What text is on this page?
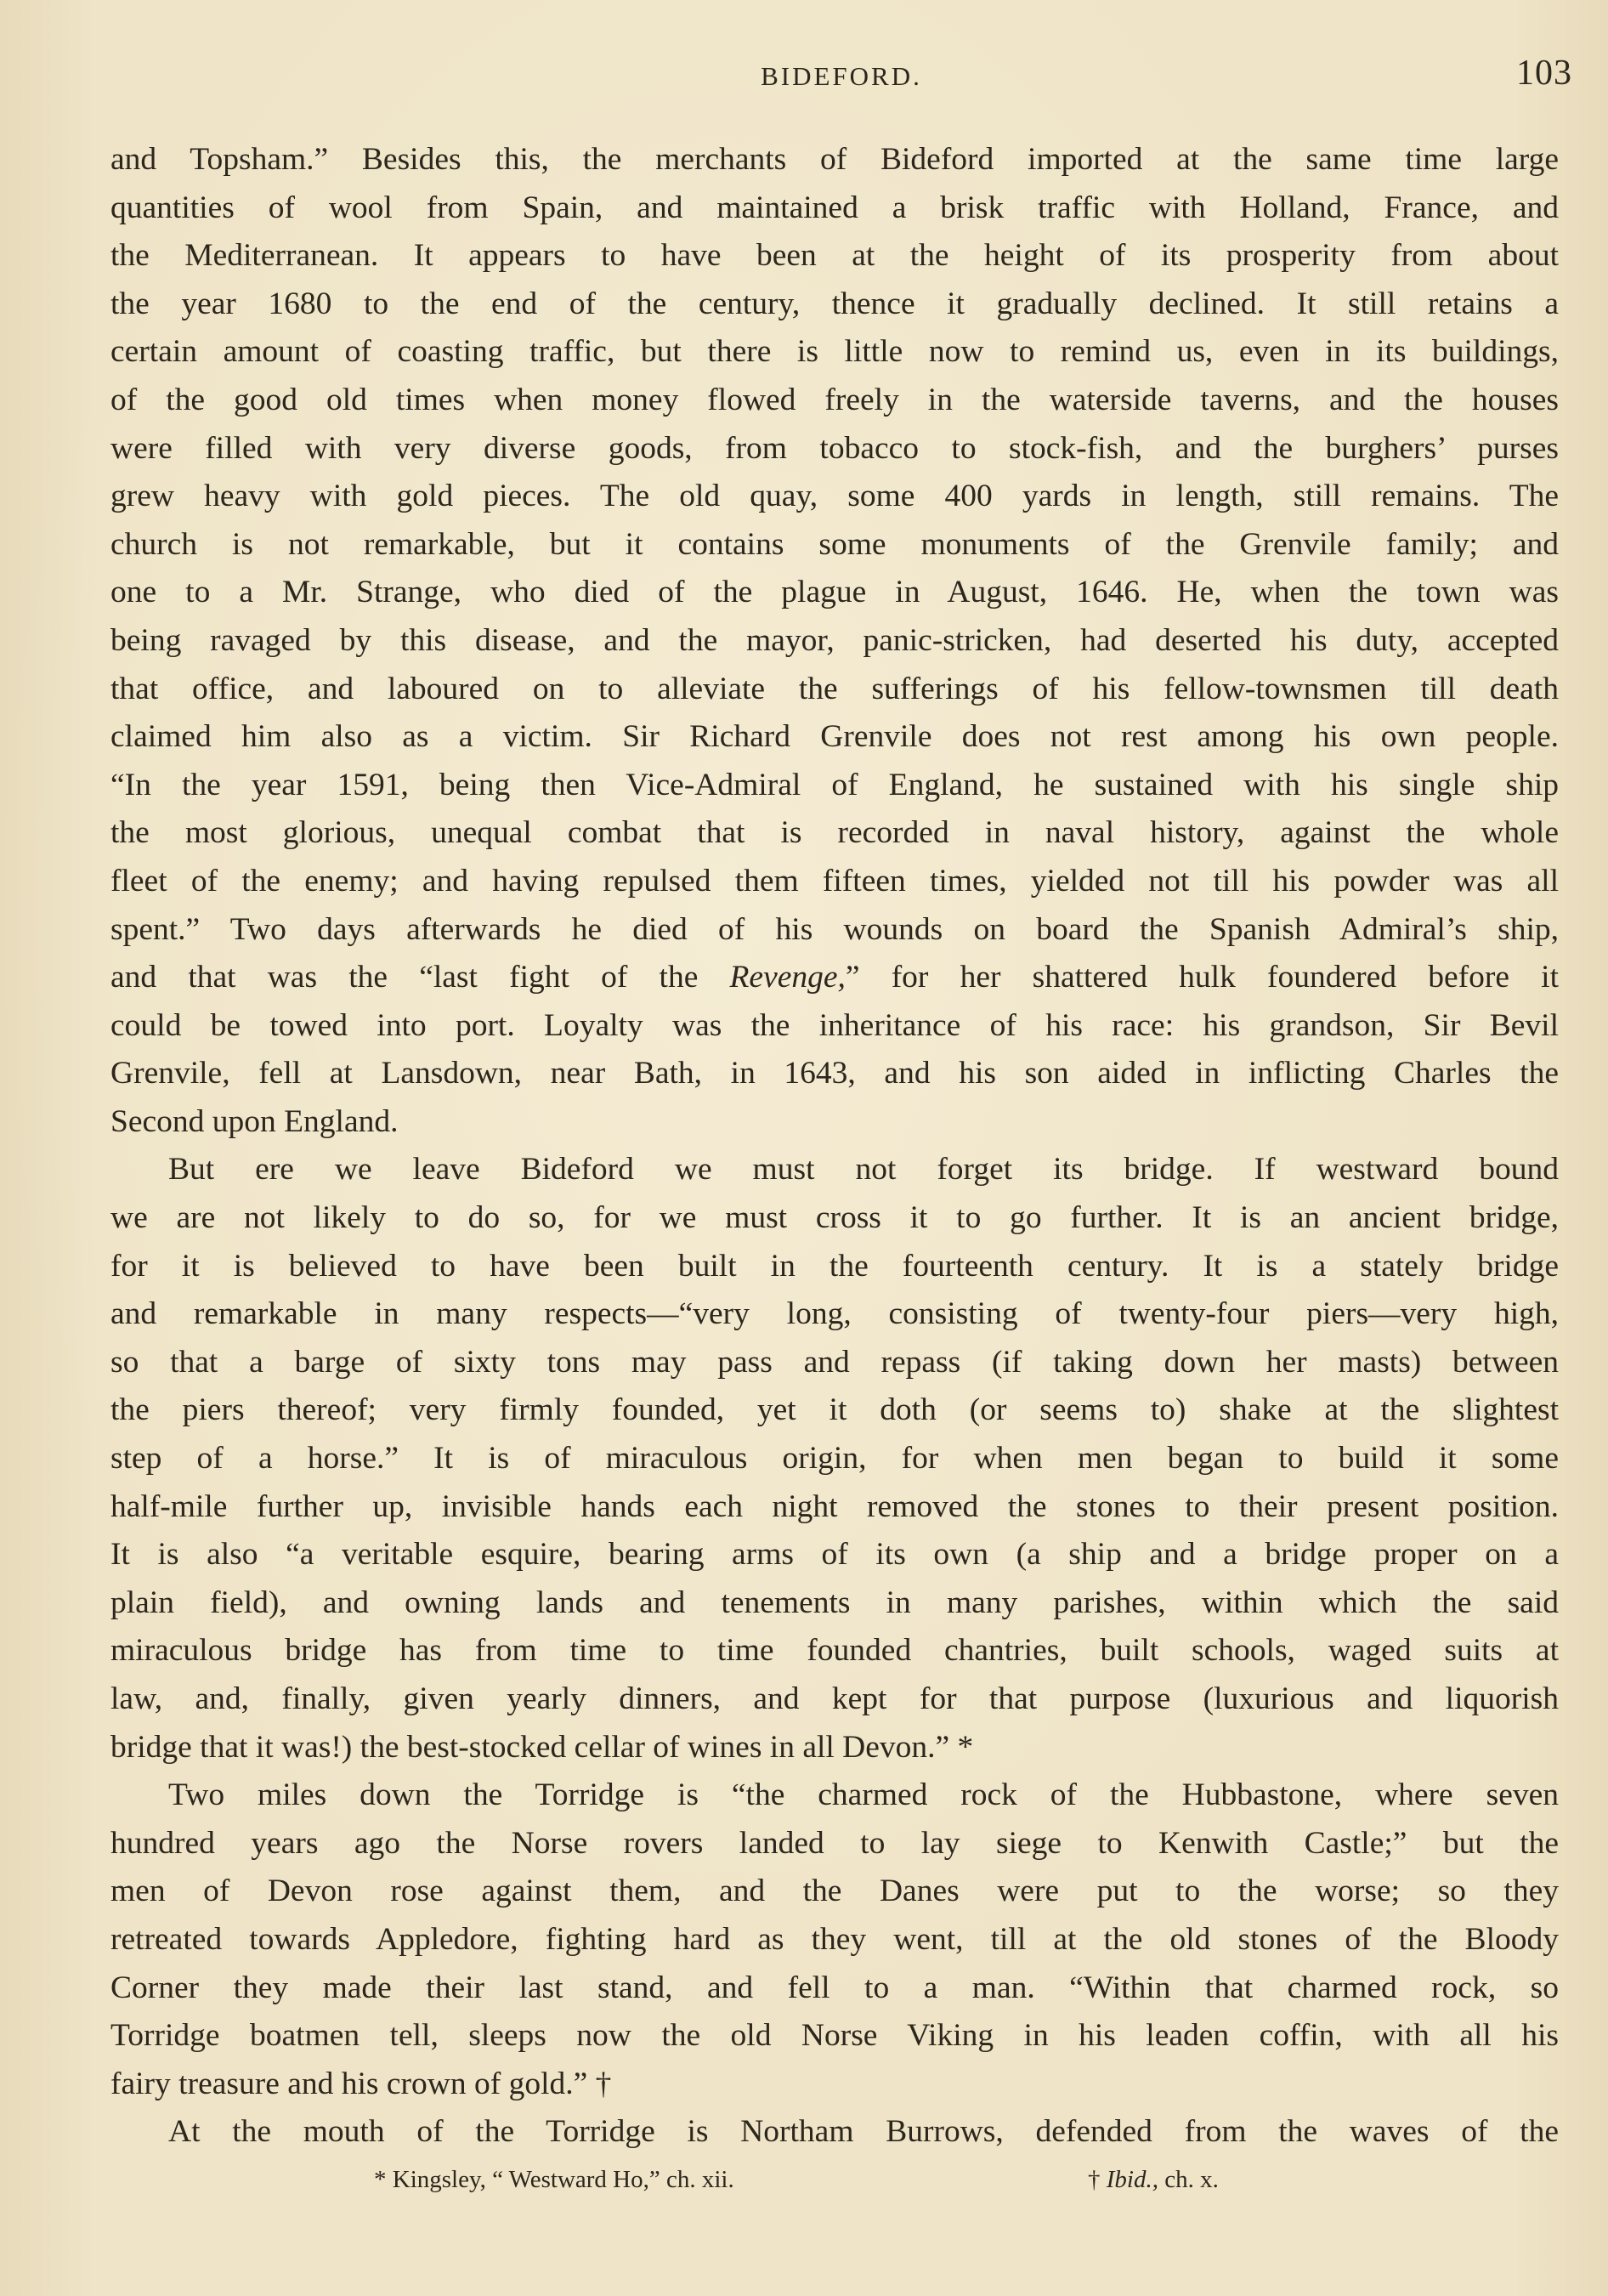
BIDEFORD.	103
and Topsham.” Besides this, the merchants of Bideford imported at the same time large
quantities of wool from Spain, and maintained a brisk traffic with Holland, France, and
the Mediterranean. It appears to have been at the height of its prosperity from about
the year 1680 to the end of the century, thence it gradually declined. It still retains a
certain amount of coasting traffic, but there is little now to remind us, even in its buildings,
of the good old times when money flowed freely in the waterside taverns, and the houses
were filled with very diverse goods, from tobacco to stock-fish, and the burghers’ purses
grew heavy with gold pieces. The old quay, some 400 yards in length, still remains. The
church is not remarkable, but it contains some monuments of the Grenvile family; and
one to a Mr. Strange, who died of the plague in August, 1646. He, when the town was
being ravaged by this disease, and the mayor, panic-stricken, had deserted his duty, accepted
that office, and laboured on to alleviate the sufferings of his fellow-townsmen till death
claimed him also as a victim. Sir Richard Grenvile does not rest among his own people.
“In the year 1591, being then Vice-Admiral of England, he sustained with his single ship
the most glorious, unequal combat that is recorded in naval history, against the whole
fleet of the enemy; and having repulsed them fifteen times, yielded not till his powder was all
spent.” Two days afterwards he died of his wounds on board the Spanish Admiral’s ship,
and that was the “last fight of the Revenge,” for her shattered hulk foundered before it
could be towed into port. Loyalty was the inheritance of his race: his grandson, Sir Bevil
Grenvile, fell at Lansdown, near Bath, in 1643, and his son aided in inflicting Charles the
Second upon England.
But ere we leave Bideford we must not forget its bridge. If westward bound
we are not likely to do so, for we must cross it to go further. It is an ancient bridge,
for it is believed to have been built in the fourteenth century. It is a stately bridge
and remarkable in many respects—“very long, consisting of twenty-four piers—very high,
so that a barge of sixty tons may pass and repass (if taking down her masts) between
the piers thereof; very firmly founded, yet it doth (or seems to) shake at the slightest
step of a horse.” It is of miraculous origin, for when men began to build it some
half-mile further up, invisible hands each night removed the stones to their present position.
It is also “a veritable esquire, bearing arms of its own (a ship and a bridge proper on a
plain field), and owning lands and tenements in many parishes, within which the said
miraculous bridge has from time to time founded chantries, built schools, waged suits at
law, and, finally, given yearly dinners, and kept for that purpose (luxurious and liquorish
bridge that it was!) the best-stocked cellar of wines in all Devon.” *
Two miles down the Torridge is “the charmed rock of the Hubbastone, where seven
hundred years ago the Norse rovers landed to lay siege to Kenwith Castle;” but the
men of Devon rose against them, and the Danes were put to the worse; so they
retreated towards Appledore, fighting hard as they went, till at the old stones of the Bloody
Corner they made their last stand, and fell to a man. “Within that charmed rock, so
Torridge boatmen tell, sleeps now the old Norse Viking in his leaden coffin, with all his
fairy treasure and his crown of gold.” †
At the mouth of the Torridge is Northam Burrows, defended from the waves of the
* Kingsley, “ Westward Ho,” ch. xii.	† Ibid., ch. x.
